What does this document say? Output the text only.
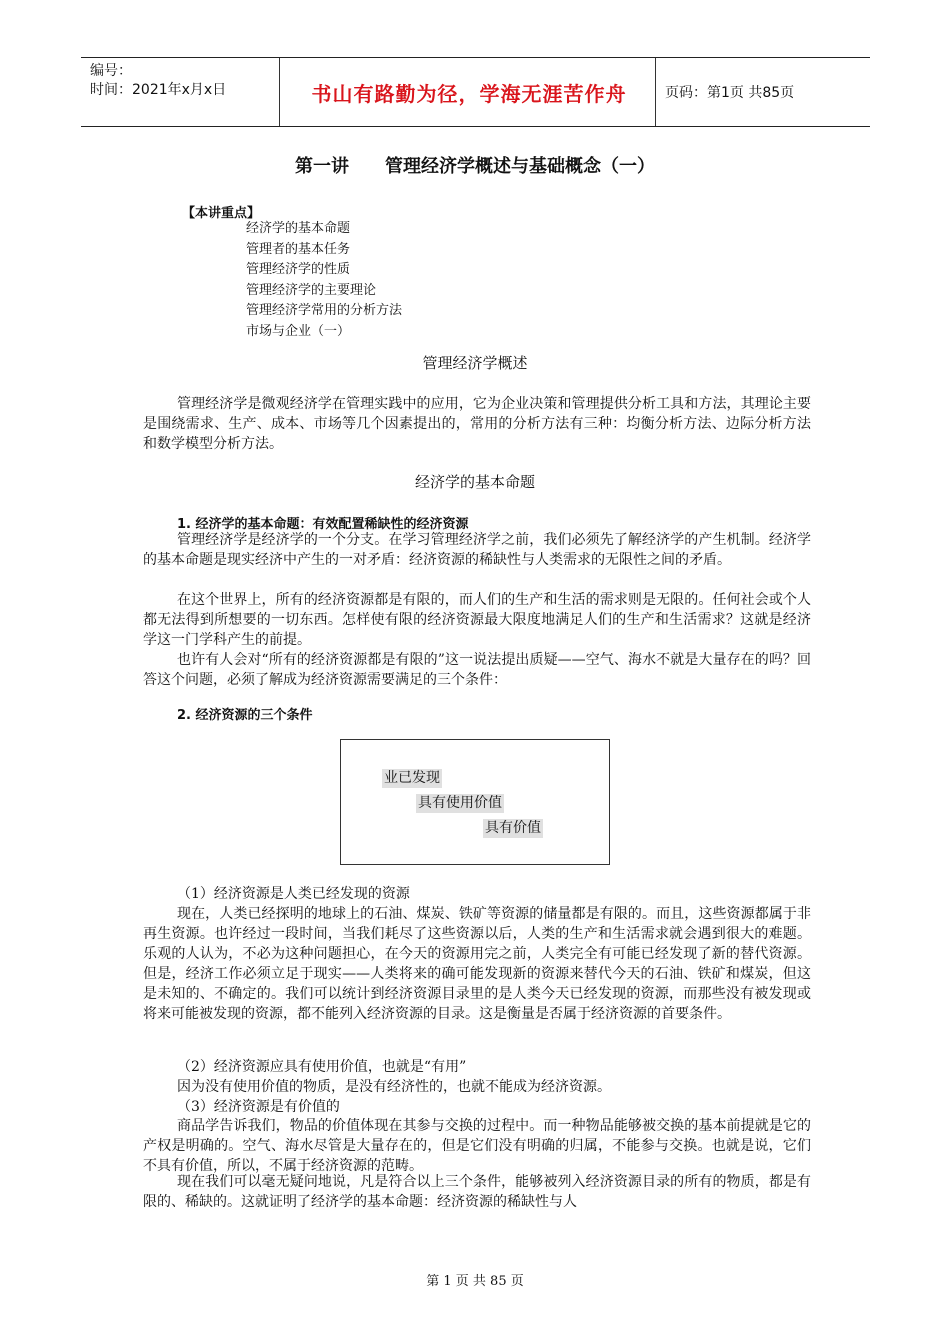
编号：
时间：2021年x月x日	书山有路勤为径，学海无涯苦作舟	页码：第1页 共85页
第一讲　　管理经济学概述与基础概念（一）
【本讲重点】
经济学的基本命题
管理者的基本任务
管理经济学的性质
管理经济学的主要理论
管理经济学常用的分析方法
市场与企业（一）
管理经济学概述

管理经济学是微观经济学在管理实践中的应用，它为企业决策和管理提供分析工具和方法，其理论主要是围绕需求、生产、成本、市场等几个因素提出的，常用的分析方法有三种：均衡分析方法、边际分析方法和数学模型分析方法。

经济学的基本命题
1. 经济学的基本命题：有效配置稀缺性的经济资源

管理经济学是经济学的一个分支。在学习管理经济学之前，我们必须先了解经济学的产生机制。经济学的基本命题是现实经济中产生的一对矛盾：经济资源的稀缺性与人类需求的无限性之间的矛盾。

在这个世界上，所有的经济资源都是有限的，而人们的生产和生活的需求则是无限的。任何社会或个人都无法得到所想要的一切东西。怎样使有限的经济资源最大限度地满足人们的生产和生活需求？这就是经济学这一门学科产生的前提。

也许有人会对“所有的经济资源都是有限的”这一说法提出质疑——空气、海水不就是大量存在的吗？回答这个问题，必须了解成为经济资源需要满足的三个条件：

2. 经济资源的三个条件
业已发现
具有使用价值
具有价值

（1）经济资源是人类已经发现的资源

现在，人类已经探明的地球上的石油、煤炭、铁矿等资源的储量都是有限的。而且，这些资源都属于非再生资源。也许经过一段时间，当我们耗尽了这些资源以后，人类的生产和生活需求就会遇到很大的难题。乐观的人认为，不必为这种问题担心，在今天的资源用完之前，人类完全有可能已经发现了新的替代资源。但是，经济工作必须立足于现实——人类将来的确可能发现新的资源来替代今天的石油、铁矿和煤炭，但这是未知的、不确定的。我们可以统计到经济资源目录里的是人类今天已经发现的资源，而那些没有被发现或将来可能被发现的资源，都不能列入经济资源的目录。这是衡量是否属于经济资源的首要条件。

（2）经济资源应具有使用价值，也就是“有用”

因为没有使用价值的物质，是没有经济性的，也就不能成为经济资源。

（3）经济资源是有价值的

商品学告诉我们，物品的价值体现在其参与交换的过程中。而一种物品能够被交换的基本前提就是它的产权是明确的。空气、海水尽管是大量存在的，但是它们没有明确的归属，不能参与交换。也就是说，它们不具有价值，所以，不属于经济资源的范畴。

现在我们可以毫无疑问地说，凡是符合以上三个条件，能够被列入经济资源目录的所有的物质，都是有限的、稀缺的。这就证明了经济学的基本命题：经济资源的稀缺性与人

第 1 页 共 85 页
